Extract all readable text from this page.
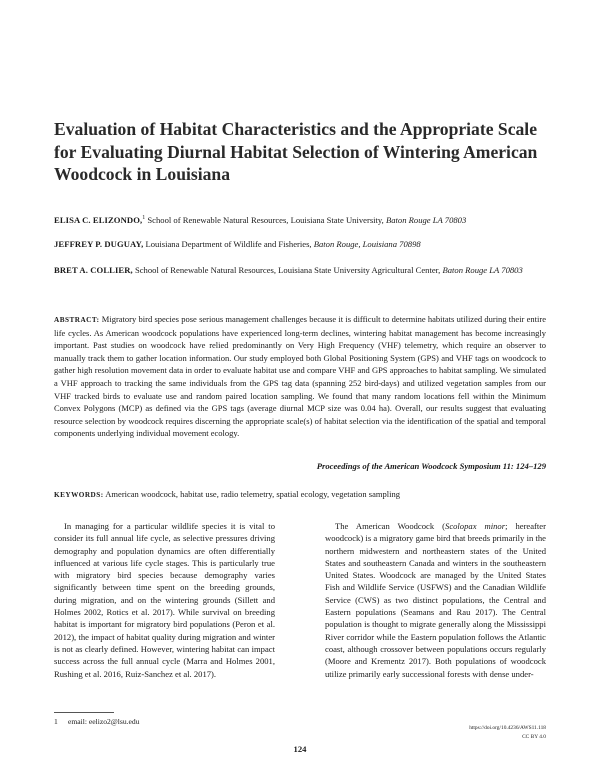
Evaluation of Habitat Characteristics and the Appropriate Scale for Evaluating Diurnal Habitat Selection of Wintering American Woodcock in Louisiana
ELISA C. ELIZONDO,$^1$ School of Renewable Natural Resources, Louisiana State University, Baton Rouge LA 70803
JEFFREY P. DUGUAY, Louisiana Department of Wildlife and Fisheries, Baton Rouge, Louisiana 70898
BRET A. COLLIER, School of Renewable Natural Resources, Louisiana State University Agricultural Center, Baton Rouge LA 70803

ABSTRACT: Migratory bird species pose serious management challenges because it is difficult to determine habitats utilized during their entire life cycles. As American woodcock populations have experienced long-term declines, wintering habitat management has become increasingly important. Past studies on woodcock have relied predominantly on Very High Frequency (VHF) telemetry, which require an observer to manually track them to gather location information. Our study employed both Global Positioning System (GPS) and VHF tags on woodcock to gather high resolution movement data in order to evaluate habitat use and compare VHF and GPS approaches to habitat sampling. We simulated a VHF approach to tracking the same individuals from the GPS tag data (spanning 252 bird-days) and utilized vegetation samples from our VHF tracked birds to evaluate use and random paired location sampling. We found that many random locations fell within the Minimum Convex Polygons (MCP) as defined via the GPS tags (average diurnal MCP size was 0.04 ha). Overall, our results suggest that evaluating resource selection by woodcock requires discerning the appropriate scale(s) of habitat selection via the identification of the spatial and temporal components underlying individual movement ecology.

Proceedings of the American Woodcock Symposium 11: 124–129
KEYWORDS: American woodcock, habitat use, radio telemetry, spatial ecology, vegetation sampling

In managing for a particular wildlife species it is vital to consider its full annual life cycle, as selective pressures driving demography and population dynamics are often differentially influenced at various life cycle stages. This is particularly true with migratory bird species because demography varies significantly between time spent on the breeding grounds, during migration, and on the wintering grounds (Sillett and Holmes 2002, Rotics et al. 2017). While survival on breeding habitat is important for migratory bird populations (Peron et al. 2012), the impact of habitat quality during migration and winter is not as clearly defined. However, wintering habitat can impact success across the full annual cycle (Marra and Holmes 2001, Rushing et al. 2016, Ruiz-Sanchez et al. 2017).

The American Woodcock (Scolopax minor; hereafter woodcock) is a migratory game bird that breeds primarily in the northern midwestern and northeastern states of the United States and southeastern Canada and winters in the southeastern United States. Woodcock are managed by the United States Fish and Wildlife Service (USFWS) and the Canadian Wildlife Service (CWS) as two distinct populations, the Central and Eastern populations (Seamans and Rau 2017). The Central population is thought to migrate generally along the Mississippi River corridor while the Eastern population follows the Atlantic coast, although crossover between populations occurs regularly (Moore and Krementz 2017). Both populations of woodcock utilize primarily early successional forests with dense under-

1 email: eelizo2@lsu.edu
https://doi.org/10.4236/AWS11.118
CC BY 4.0
124
